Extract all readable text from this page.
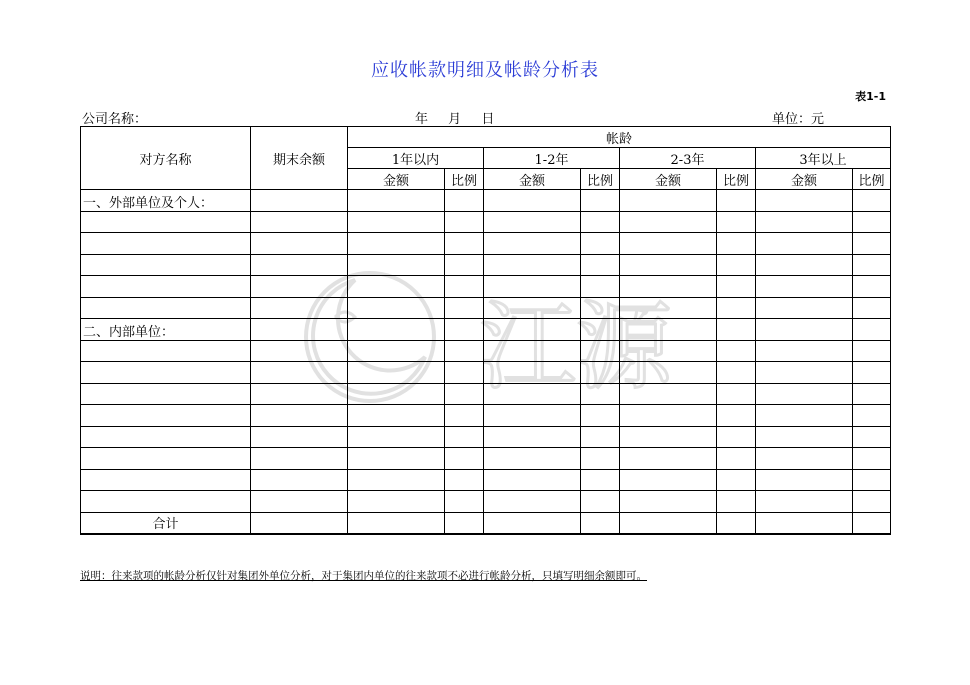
应收帐款明细及帐龄分析表
表1-1
公司名称：	年 月 日	单位：元
江源
对方名称	期末余额	帐龄							
		1年以内		1-2年		2-3年		3年以上	
		金额	比例	金额	比例	金额	比例	金额	比例
一、外部单位及个人：									

二、内部单位：									

合计									
说明：往来款项的帐龄分析仅针对集团外单位分析，对于集团内单位的往来款项不必进行帐龄分析，只填写明细余额即可。
